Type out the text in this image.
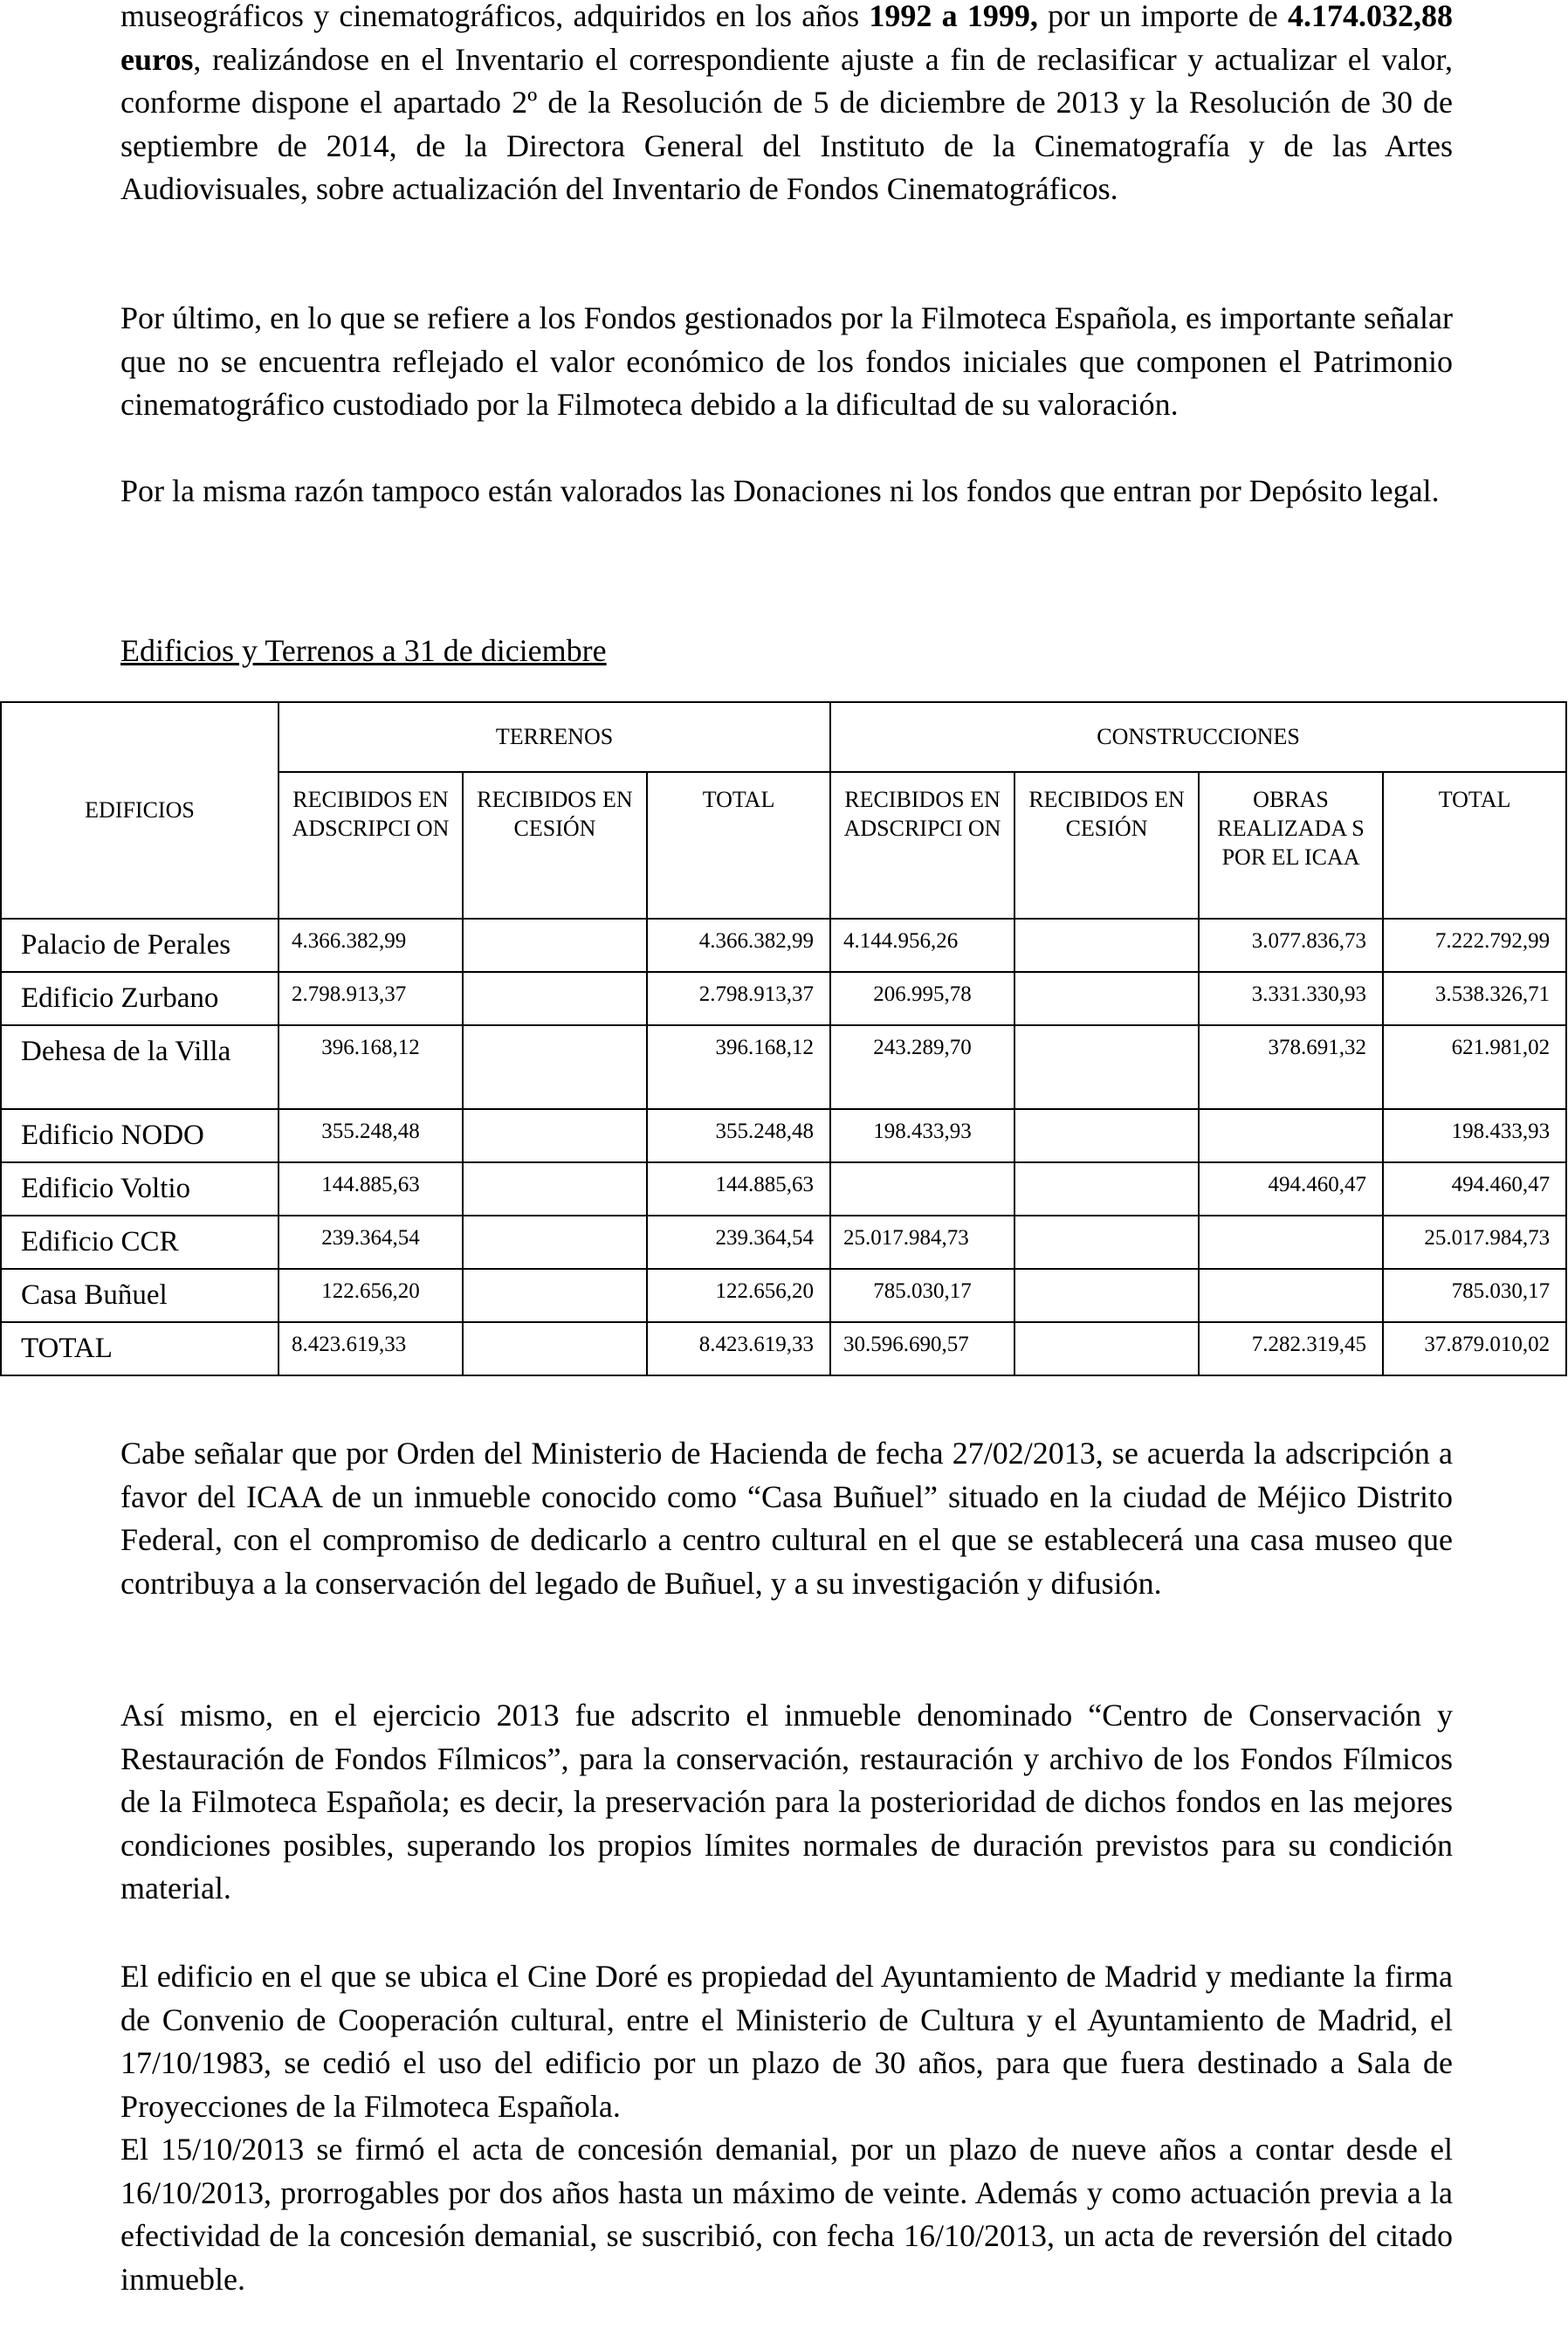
museográficos y cinematográficos, adquiridos en los años 1992 a 1999, por un importe de 4.174.032,88 euros, realizándose en el Inventario el correspondiente ajuste a fin de reclasificar y actualizar el valor, conforme dispone el apartado 2º de la Resolución de 5 de diciembre de 2013 y la Resolución de 30 de septiembre de 2014, de la Directora General del Instituto de la Cinematografía y de las Artes Audiovisuales, sobre actualización del Inventario de Fondos Cinematográficos.

Por último, en lo que se refiere a los Fondos gestionados por la Filmoteca Española, es importante señalar que no se encuentra reflejado el valor económico de los fondos iniciales que componen el Patrimonio cinematográfico custodiado por la Filmoteca debido a la dificultad de su valoración.

Por la misma razón tampoco están valorados las Donaciones ni los fondos que entran por Depósito legal.

Edificios y Terrenos a 31 de diciembre
EDIFICIOS	TERRENOS			CONSTRUCCIONES			
	RECIBIDOS EN ADSCRIPCI ON	RECIBIDOS EN CESIÓN	TOTAL	RECIBIDOS EN ADSCRIPCI ON	RECIBIDOS EN CESIÓN	OBRAS REALIZADA S POR EL ICAA	TOTAL
Palacio de Perales	4.366.382,99		4.366.382,99	4.144.956,26		3.077.836,73	7.222.792,99
Edificio Zurbano	2.798.913,37		2.798.913,37	206.995,78		3.331.330,93	3.538.326,71
Dehesa de la Villa	396.168,12		396.168,12	243.289,70		378.691,32	621.981,02
Edificio NODO	355.248,48		355.248,48	198.433,93			198.433,93
Edificio Voltio	144.885,63		144.885,63			494.460,47	494.460,47
Edificio CCR	239.364,54		239.364,54	25.017.984,73			25.017.984,73
Casa Buñuel	122.656,20		122.656,20	785.030,17			785.030,17
TOTAL	8.423.619,33		8.423.619,33	30.596.690,57		7.282.319,45	37.879.010,02

Cabe señalar que por Orden del Ministerio de Hacienda de fecha 27/02/2013, se acuerda la adscripción a favor del ICAA de un inmueble conocido como “Casa Buñuel” situado en la ciudad de Méjico Distrito Federal, con el compromiso de dedicarlo a centro cultural en el que se establecerá una casa museo que contribuya a la conservación del legado de Buñuel, y a su investigación y difusión.

Así mismo, en el ejercicio 2013 fue adscrito el inmueble denominado “Centro de Conservación y Restauración de Fondos Fílmicos”, para la conservación, restauración y archivo de los Fondos Fílmicos de la Filmoteca Española; es decir, la preservación para la posterioridad de dichos fondos en las mejores condiciones posibles, superando los propios límites normales de duración previstos para su condición material.

El edificio en el que se ubica el Cine Doré es propiedad del Ayuntamiento de Madrid y mediante la firma de Convenio de Cooperación cultural, entre el Ministerio de Cultura y el Ayuntamiento de Madrid, el 17/10/1983, se cedió el uso del edificio por un plazo de 30 años, para que fuera destinado a Sala de Proyecciones de la Filmoteca Española.

El 15/10/2013 se firmó el acta de concesión demanial, por un plazo de nueve años a contar desde el 16/10/2013, prorrogables por dos años hasta un máximo de veinte. Además y como actuación previa a la efectividad de la concesión demanial, se suscribió, con fecha 16/10/2013, un acta de reversión del citado inmueble.
